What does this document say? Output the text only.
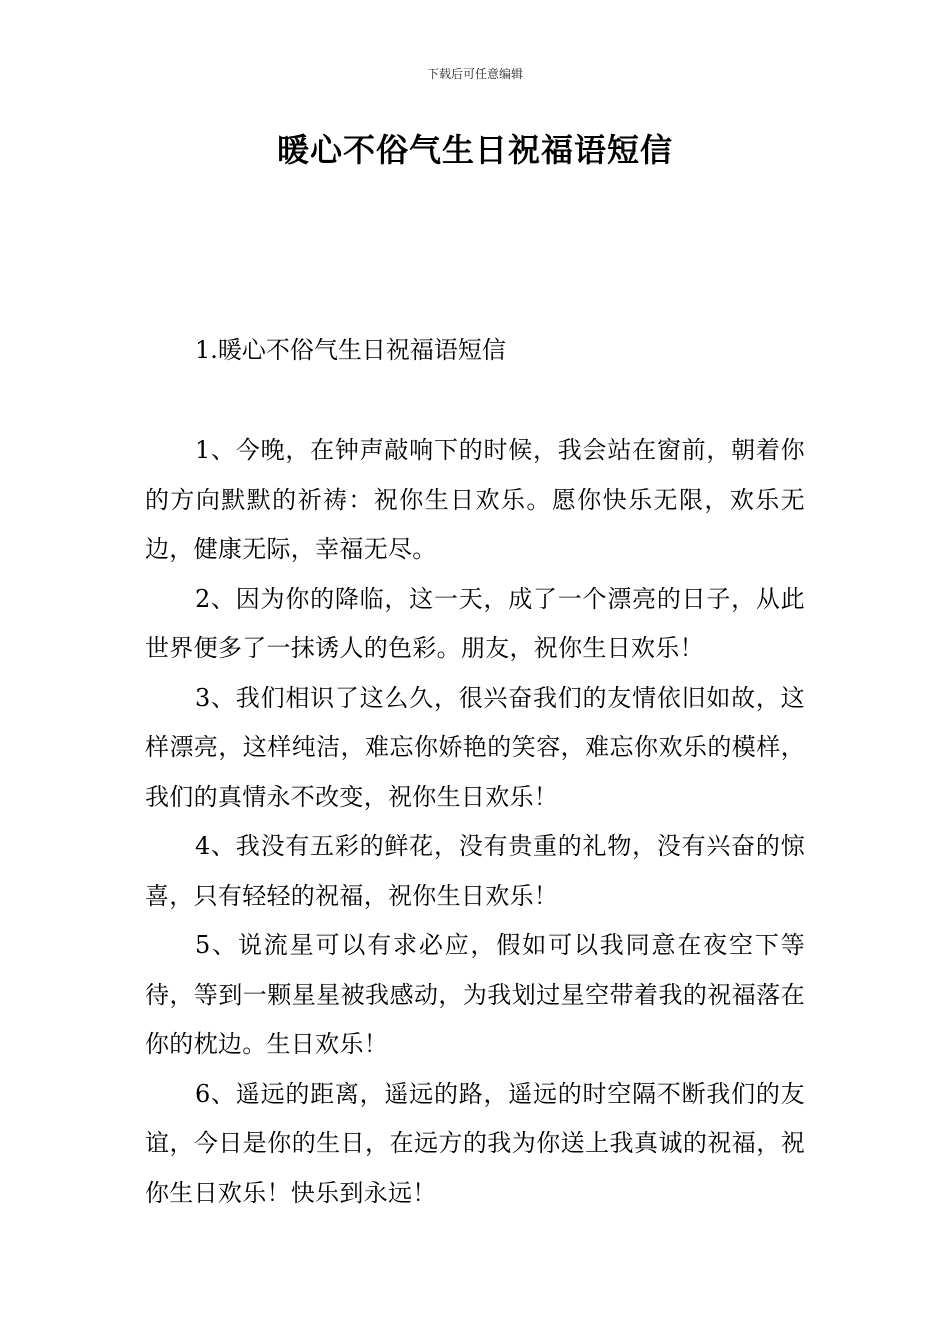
下载后可任意编辑
暖心不俗气生日祝福语短信

1.暖心不俗气生日祝福语短信

1、今晚，在钟声敲响下的时候，我会站在窗前，朝着你的方向默默的祈祷：祝你生日欢乐。愿你快乐无限，欢乐无边，健康无际，幸福无尽。

2、因为你的降临，这一天，成了一个漂亮的日子，从此世界便多了一抹诱人的色彩。朋友，祝你生日欢乐！

3、我们相识了这么久，很兴奋我们的友情依旧如故，这样漂亮，这样纯洁，难忘你娇艳的笑容，难忘你欢乐的模样，我们的真情永不改变，祝你生日欢乐！

4、我没有五彩的鲜花，没有贵重的礼物，没有兴奋的惊喜，只有轻轻的祝福，祝你生日欢乐！

5、说流星可以有求必应，假如可以我同意在夜空下等待，等到一颗星星被我感动，为我划过星空带着我的祝福落在你的枕边。生日欢乐！

6、遥远的距离，遥远的路，遥远的时空隔不断我们的友谊，今日是你的生日，在远方的我为你送上我真诚的祝福，祝你生日欢乐！快乐到永远！
